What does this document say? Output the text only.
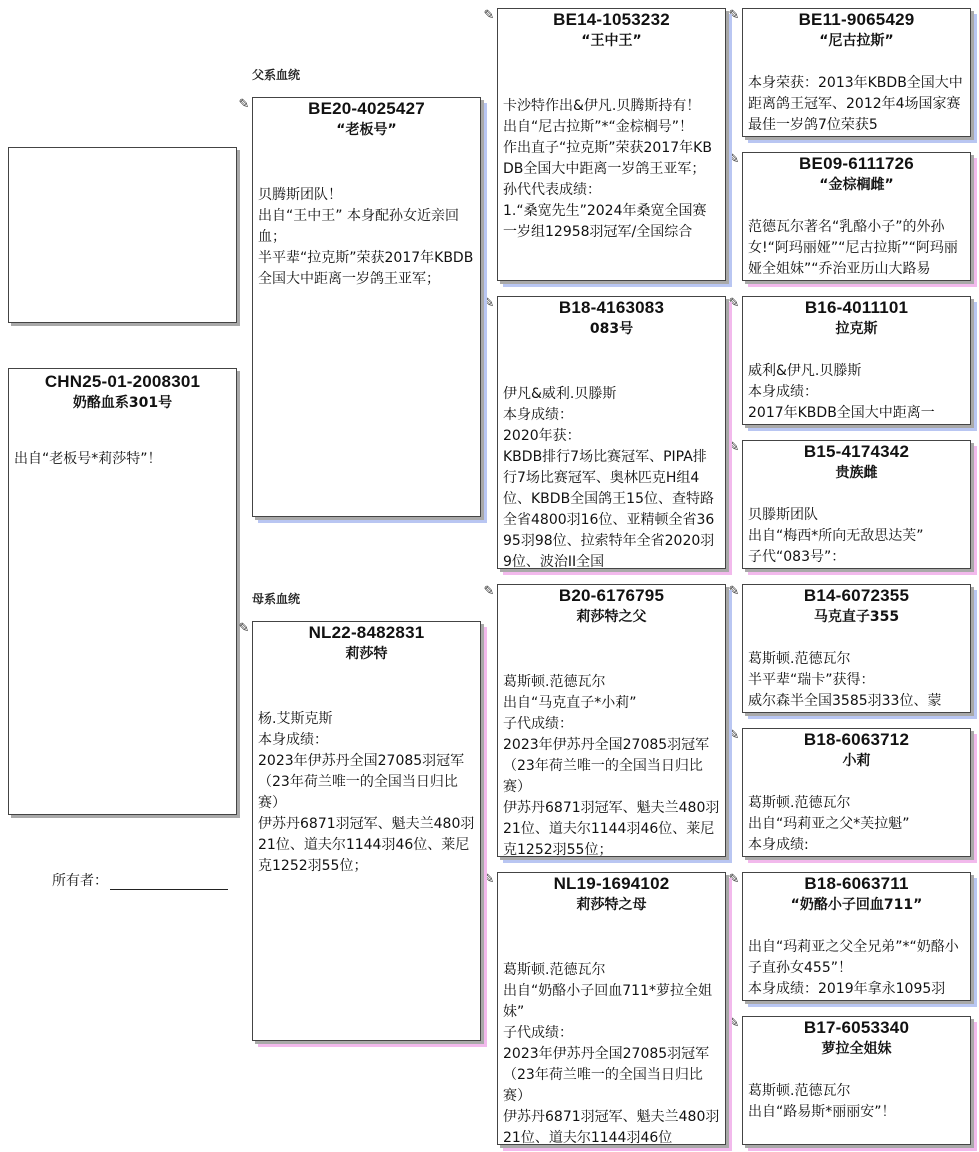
父系血统
母系血统
CHN25-01-2008301
奶酪血系301号
出自“老板号*莉莎特”！
所有者：
✎
✎
✎
✎
✎
✎
✎
✎
✎
✎
✎
✎
✎
✎
BE20-4025427
“老板号”
贝腾斯团队！
出自“王中王” 本身配孙女近亲回血；
半平辈“拉克斯”荣获2017年KBDB全国大中距离一岁鸽王亚军；
NL22-8482831
莉莎特
杨.艾斯克斯
本身成绩：
2023年伊苏丹全国27085羽冠军（23年荷兰唯一的全国当日归比赛）
伊苏丹6871羽冠军、魁夫兰480羽21位、道夫尔1144羽46位、莱尼克1252羽55位；
BE14-1053232
“王中王”
卡沙特作出&伊凡.贝腾斯持有！
出自“尼古拉斯”*“金棕榈号”！
作出直子“拉克斯”荣获2017年KBDB全国大中距离一岁鸽王亚军；
孙代代表成绩：
1.“桑宽先生”2024年桑宽全国赛一岁组12958羽冠军/全国综合
B18-4163083
083号
伊凡&威利.贝滕斯
本身成绩：
2020年获：
KBDB排行7场比赛冠军、PIPA排行7场比赛冠军、奥林匹克H组4位、KBDB全国鸽王15位、查特路全省4800羽16位、亚精顿全省3695羽98位、拉索特年全省2020羽9位、波治II全国
B20-6176795
莉莎特之父
葛斯顿.范德瓦尔
出自“马克直子*小莉”
子代成绩：
2023年伊苏丹全国27085羽冠军（23年荷兰唯一的全国当日归比赛）
伊苏丹6871羽冠军、魁夫兰480羽21位、道夫尔1144羽46位、莱尼克1252羽55位；
NL19-1694102
莉莎特之母
葛斯顿.范德瓦尔
出自“奶酪小子回血711*萝拉全姐妹”
子代成绩：
2023年伊苏丹全国27085羽冠军（23年荷兰唯一的全国当日归比赛）
伊苏丹6871羽冠军、魁夫兰480羽21位、道夫尔1144羽46位
BE11-9065429
“尼古拉斯”
本身荣获：2013年KBDB全国大中距离鸽王冠军、2012年4场国家赛最佳一岁鸽7位荣获5
BE09-6111726
“金棕榈雌”
范德瓦尔著名“乳酪小子”的外孙女!“阿玛丽娅”“尼古拉斯”“阿玛丽娅全姐妹”“乔治亚历山大路易
B16-4011101
拉克斯
威利&伊凡.贝滕斯
本身成绩：
2017年KBDB全国大中距离一
B15-4174342
贵族雌
贝滕斯团队
出自“梅西*所向无敌思达芙”
子代“083号”：
B14-6072355
马克直子355
葛斯顿.范德瓦尔
半平辈“瑞卡”获得：
威尔森半全国3585羽33位、蒙
B18-6063712
小莉
葛斯顿.范德瓦尔
出自“玛莉亚之父*芙拉魁”
本身成绩:
B18-6063711
“奶酪小子回血711”
出自“玛莉亚之父全兄弟”*“奶酪小子直孙女455”！
本身成绩：2019年拿永1095羽
B17-6053340
萝拉全姐妹
葛斯顿.范德瓦尔
出自“路易斯*丽丽安”！
